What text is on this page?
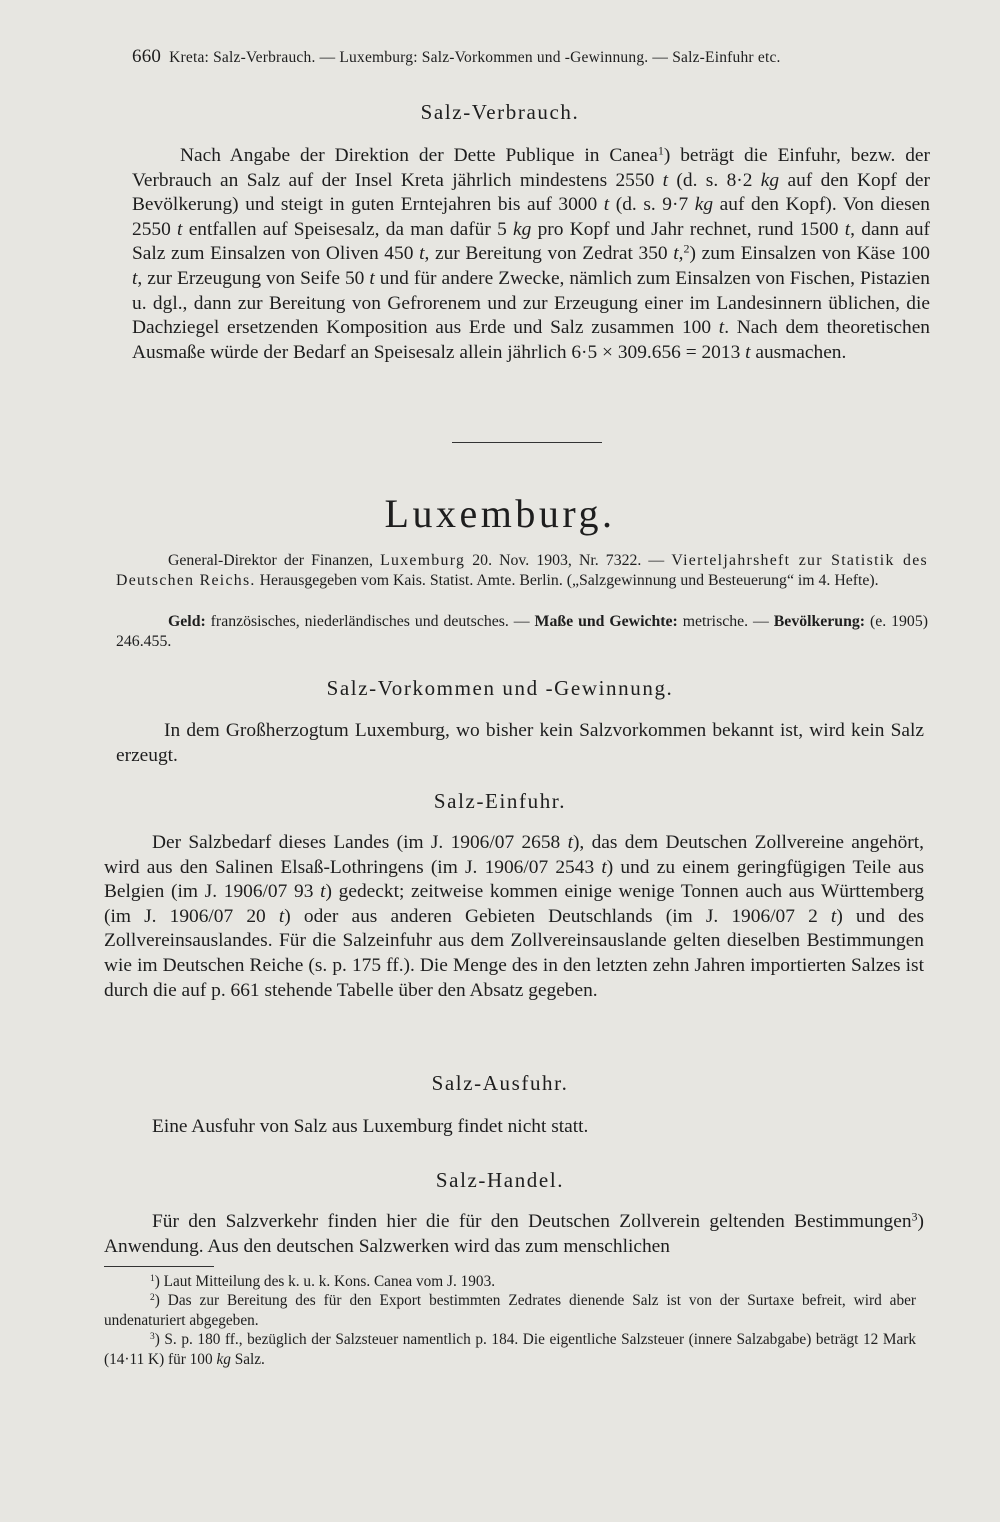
660 Kreta: Salz-Verbrauch. — Luxemburg: Salz-Vorkommen und -Gewinnung. — Salz-Einfuhr etc.
Salz-Verbrauch.

Nach Angabe der Direktion der Dette Publique in Canea$^1$) beträgt die Einfuhr, bezw. der Verbrauch an Salz auf der Insel Kreta jährlich mindestens 2550 t (d. s. 8·2 kg auf den Kopf der Bevölkerung) und steigt in guten Erntejahren bis auf 3000 t (d. s. 9·7 kg auf den Kopf). Von diesen 2550 t entfallen auf Speisesalz, da man dafür 5 kg pro Kopf und Jahr rechnet, rund 1500 t, dann auf Salz zum Einsalzen von Oliven 450 t, zur Bereitung von Zedrat 350 t,$^2$) zum Einsalzen von Käse 100 t, zur Erzeugung von Seife 50 t und für andere Zwecke, nämlich zum Einsalzen von Fischen, Pistazien u. dgl., dann zur Bereitung von Gefrorenem und zur Erzeugung einer im Landesinnern üblichen, die Dachziegel ersetzenden Komposition aus Erde und Salz zusammen 100 t. Nach dem theoretischen Ausmaße würde der Bedarf an Speisesalz allein jährlich 6·5 × 309.656 = 2013 t ausmachen.

Luxemburg.

General-Direktor der Finanzen, Luxemburg 20. Nov. 1903, Nr. 7322. — Vierteljahrsheft zur Statistik des Deutschen Reichs. Herausgegeben vom Kais. Statist. Amte. Berlin. („Salzgewinnung und Besteuerung“ im 4. Hefte).

Geld: französisches, niederländisches und deutsches. — Maße und Gewichte: metrische. — Bevölkerung: (e. 1905) 246.455.

Salz-Vorkommen und -Gewinnung.

In dem Großherzogtum Luxemburg, wo bisher kein Salzvorkommen bekannt ist, wird kein Salz erzeugt.

Salz-Einfuhr.

Der Salzbedarf dieses Landes (im J. 1906/07 2658 t), das dem Deutschen Zollvereine angehört, wird aus den Salinen Elsaß-Lothringens (im J. 1906/07 2543 t) und zu einem geringfügigen Teile aus Belgien (im J. 1906/07 93 t) gedeckt; zeitweise kommen einige wenige Tonnen auch aus Württemberg (im J. 1906/07 20 t) oder aus anderen Gebieten Deutschlands (im J. 1906/07 2 t) und des Zollvereinsauslandes. Für die Salzeinfuhr aus dem Zollvereinsauslande gelten dieselben Bestimmungen wie im Deutschen Reiche (s. p. 175 ff.). Die Menge des in den letzten zehn Jahren importierten Salzes ist durch die auf p. 661 stehende Tabelle über den Absatz gegeben.

Salz-Ausfuhr.

Eine Ausfuhr von Salz aus Luxemburg findet nicht statt.

Salz-Handel.

Für den Salzverkehr finden hier die für den Deutschen Zollverein geltenden Bestimmungen$^3$) Anwendung. Aus den deutschen Salzwerken wird das zum menschlichen

$^1$) Laut Mitteilung des k. u. k. Kons. Canea vom J. 1903.

$^2$) Das zur Bereitung des für den Export bestimmten Zedrates dienende Salz ist von der Surtaxe befreit, wird aber undenaturiert abgegeben.

$^3$) S. p. 180 ff., bezüglich der Salzsteuer namentlich p. 184. Die eigentliche Salzsteuer (innere Salzabgabe) beträgt 12 Mark (14·11 K) für 100 kg Salz.
